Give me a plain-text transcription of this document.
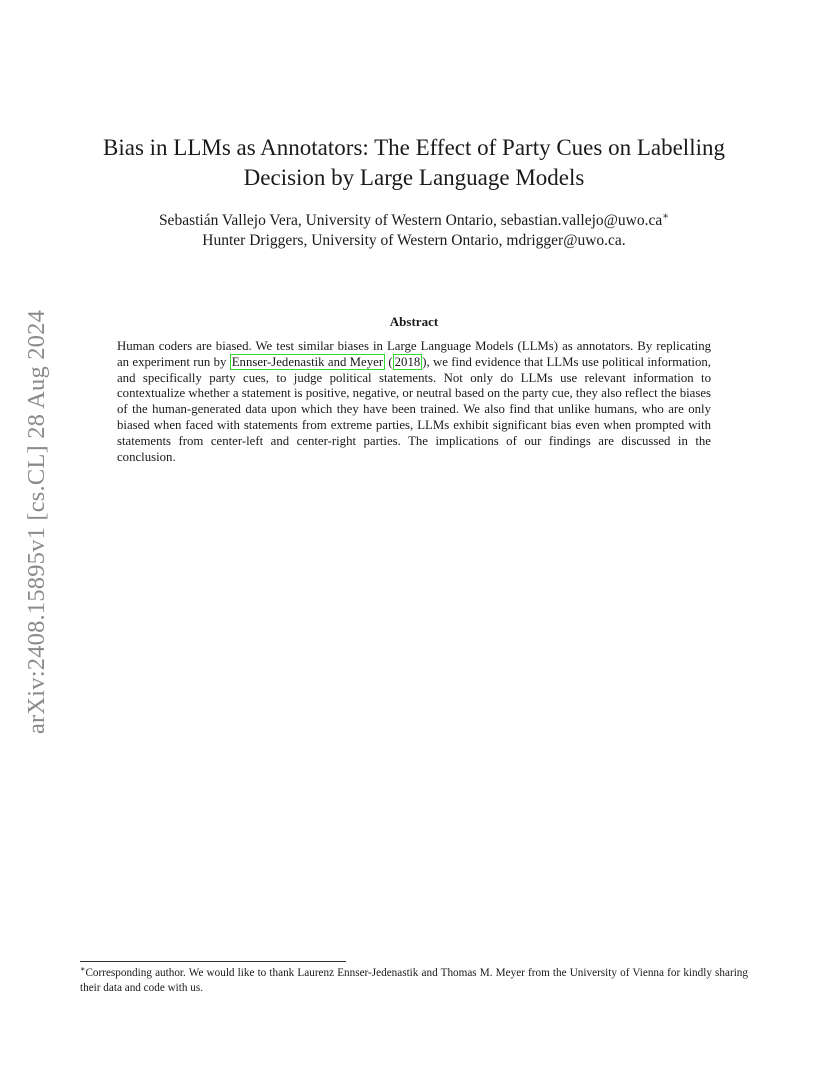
arXiv:2408.15895v1 [cs.CL] 28 Aug 2024
Bias in LLMs as Annotators: The Effect of Party Cues on Labelling
Decision by Large Language Models
Sebastián Vallejo Vera, University of Western Ontario, sebastian.vallejo@uwo.ca∗
Hunter Driggers, University of Western Ontario, mdrigger@uwo.ca.
Abstract
Human coders are biased. We test similar biases in Large Language Models (LLMs) as annotators. By replicating an experiment run by Ennser-Jedenastik and Meyer ( 2018 ), we find evidence that LLMs use political information, and specifically party cues, to judge political statements. Not only do LLMs use relevant information to contextualize whether a statement is positive, negative, or neutral based on the party cue, they also reflect the biases of the human-generated data upon which they have been trained. We also find that unlike humans, who are only biased when faced with statements from extreme parties, LLMs exhibit significant bias even when prompted with statements from center-left and center-right parties. The implications of our findings are discussed in the conclusion.
∗Corresponding author. We would like to thank Laurenz Ennser-Jedenastik and Thomas M. Meyer from the University of Vienna for kindly sharing their data and code with us.
